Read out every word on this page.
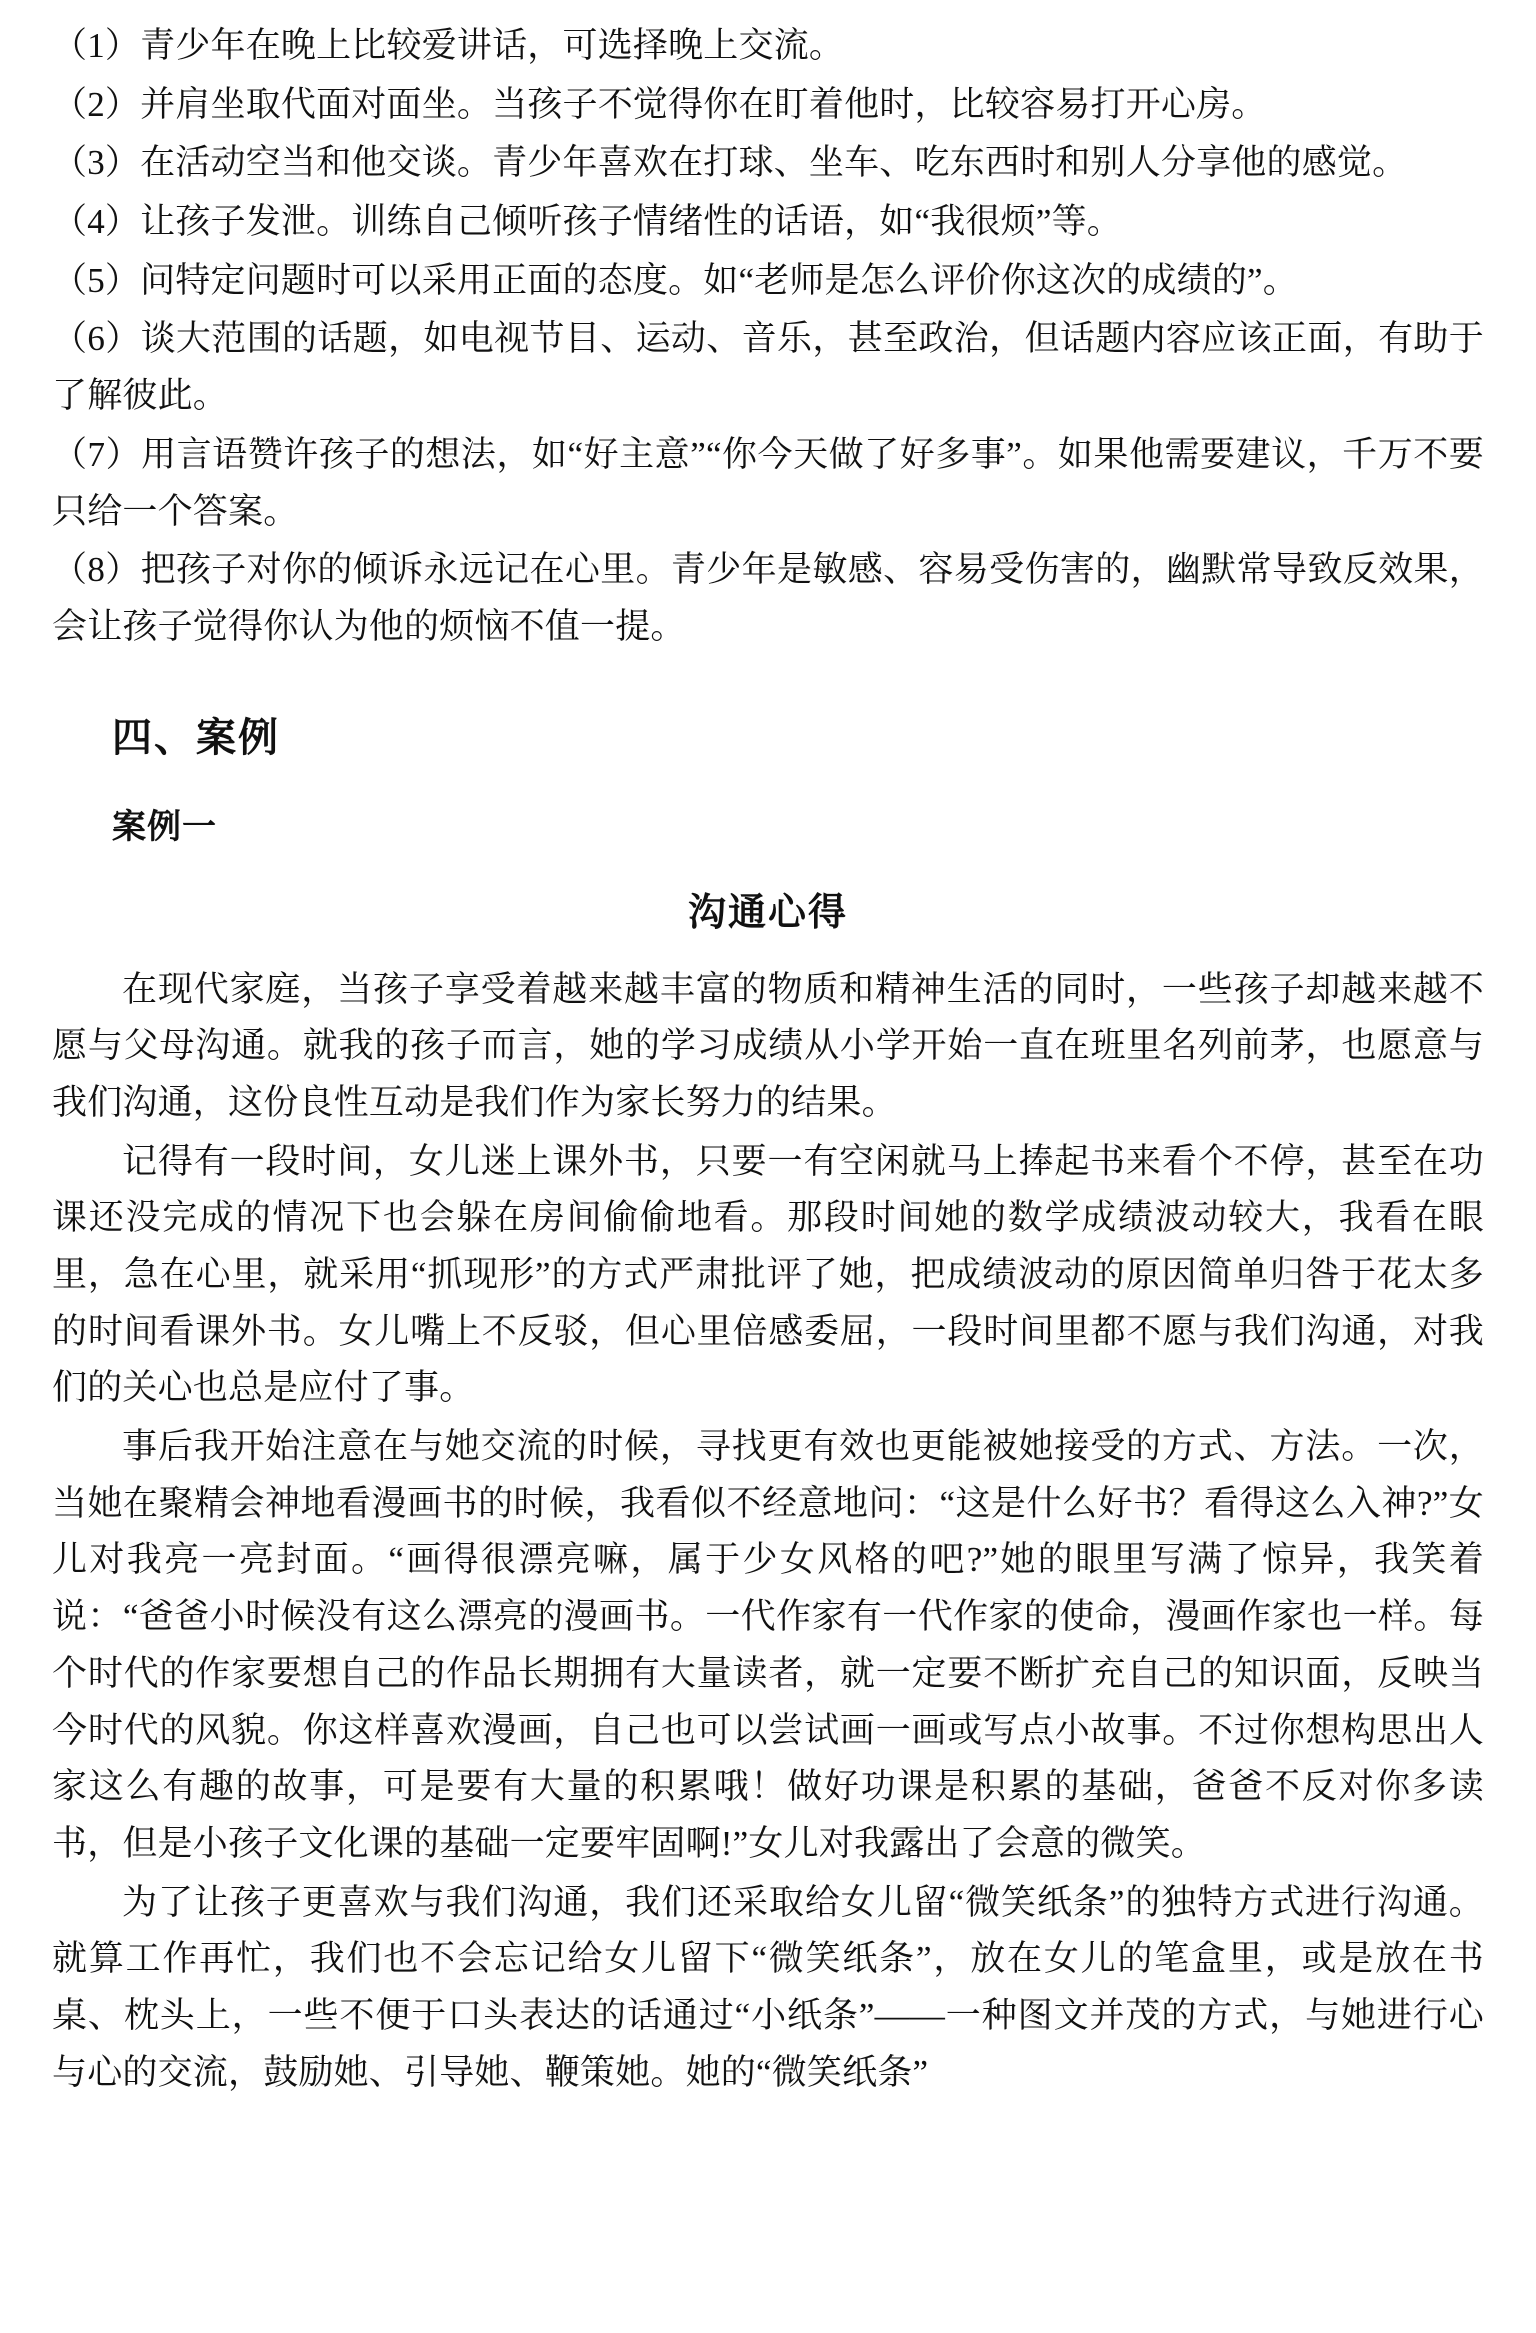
（1）青少年在晚上比较爱讲话，可选择晚上交流。

（2）并肩坐取代面对面坐。当孩子不觉得你在盯着他时，比较容易打开心房。

（3）在活动空当和他交谈。青少年喜欢在打球、坐车、吃东西时和别人分享他的感觉。

（4）让孩子发泄。训练自己倾听孩子情绪性的话语，如“我很烦”等。

（5）问特定问题时可以采用正面的态度。如“老师是怎么评价你这次的成绩的”。

（6）谈大范围的话题，如电视节目、运动、音乐，甚至政治，但话题内容应该正面，有助于了解彼此。

（7）用言语赞许孩子的想法，如“好主意”“你今天做了好多事”。如果他需要建议，千万不要只给一个答案。

（8）把孩子对你的倾诉永远记在心里。青少年是敏感、容易受伤害的，幽默常导致反效果，会让孩子觉得你认为他的烦恼不值一提。

四、案例
案例一
沟通心得

在现代家庭，当孩子享受着越来越丰富的物质和精神生活的同时，一些孩子却越来越不愿与父母沟通。就我的孩子而言，她的学习成绩从小学开始一直在班里名列前茅，也愿意与我们沟通，这份良性互动是我们作为家长努力的结果。

记得有一段时间，女儿迷上课外书，只要一有空闲就马上捧起书来看个不停，甚至在功课还没完成的情况下也会躲在房间偷偷地看。那段时间她的数学成绩波动较大，我看在眼里，急在心里，就采用“抓现形”的方式严肃批评了她，把成绩波动的原因简单归咎于花太多的时间看课外书。女儿嘴上不反驳，但心里倍感委屈，一段时间里都不愿与我们沟通，对我们的关心也总是应付了事。

事后我开始注意在与她交流的时候，寻找更有效也更能被她接受的方式、方法。一次，当她在聚精会神地看漫画书的时候，我看似不经意地问：“这是什么好书？看得这么入神?”女儿对我亮一亮封面。“画得很漂亮嘛，属于少女风格的吧?”她的眼里写满了惊异，我笑着说：“爸爸小时候没有这么漂亮的漫画书。一代作家有一代作家的使命，漫画作家也一样。每个时代的作家要想自己的作品长期拥有大量读者，就一定要不断扩充自己的知识面，反映当今时代的风貌。你这样喜欢漫画，自己也可以尝试画一画或写点小故事。不过你想构思出人家这么有趣的故事，可是要有大量的积累哦！做好功课是积累的基础，爸爸不反对你多读书，但是小孩子文化课的基础一定要牢固啊!”女儿对我露出了会意的微笑。

为了让孩子更喜欢与我们沟通，我们还采取给女儿留“微笑纸条”的独特方式进行沟通。就算工作再忙，我们也不会忘记给女儿留下“微笑纸条”，放在女儿的笔盒里，或是放在书桌、枕头上，一些不便于口头表达的话通过“小纸条”——一种图文并茂的方式，与她进行心与心的交流，鼓励她、引导她、鞭策她。她的“微笑纸条”
